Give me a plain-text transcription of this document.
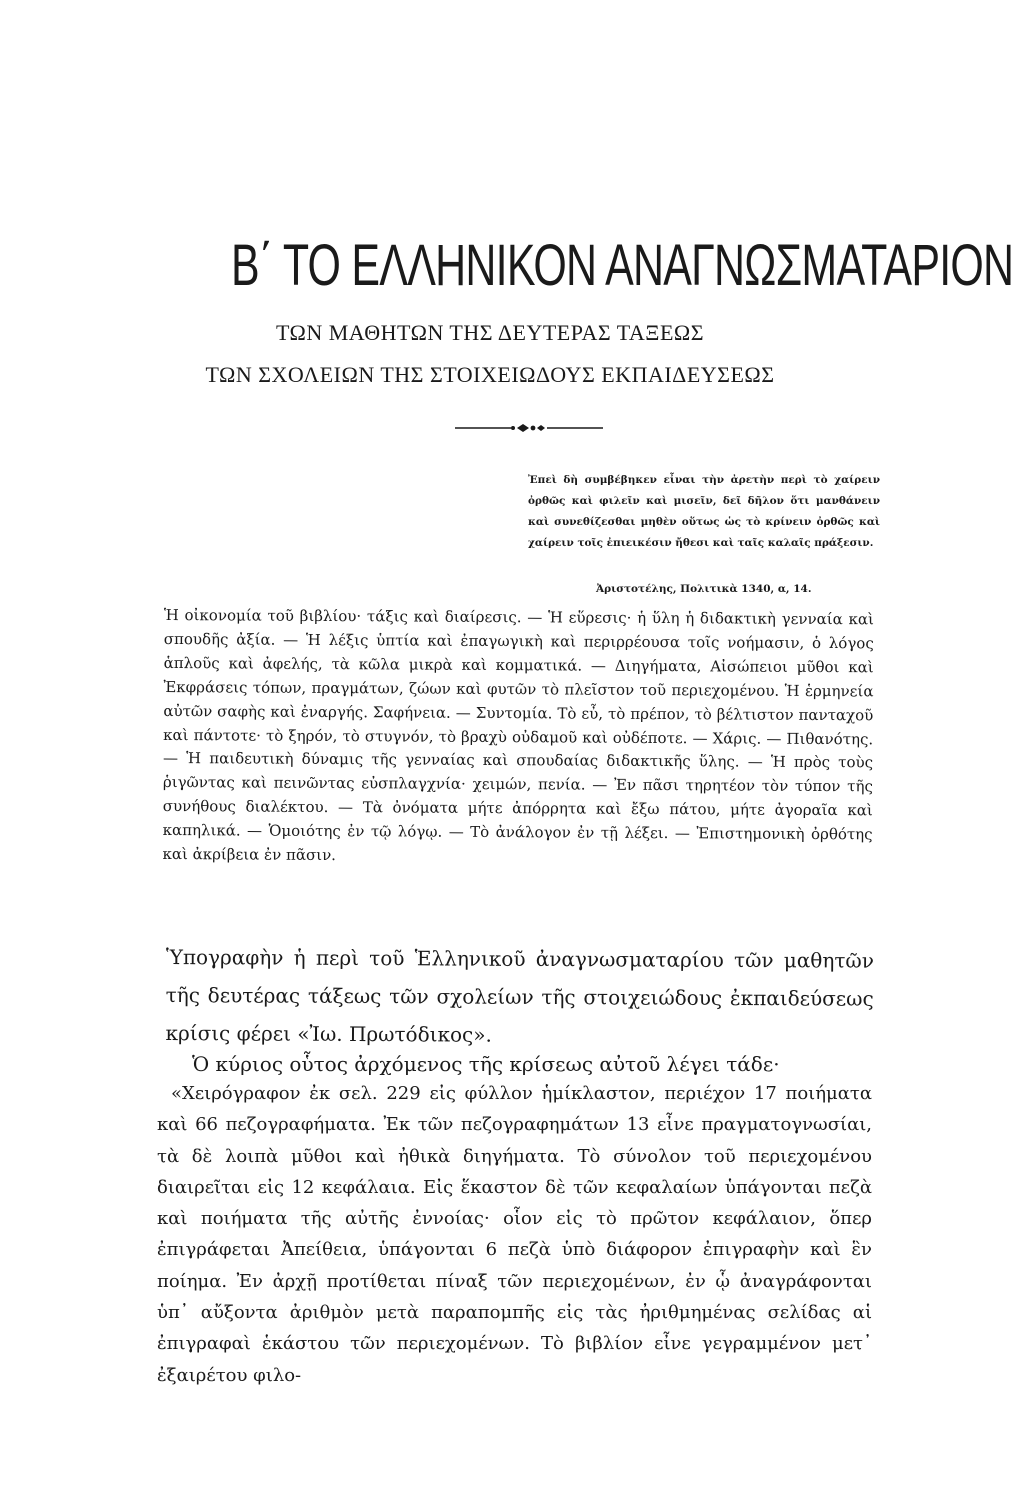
Β΄ ΤΟ ΕΛΛΗΝΙΚΟΝ ΑΝΑΓΝΩΣΜΑΤΑΡΙΟΝ

ΤΩΝ ΜΑΘΗΤΩΝ ΤΗΣ ΔΕΥΤΕΡΑΣ ΤΑΞΕΩΣ

ΤΩΝ ΣΧΟΛΕΙΩΝ ΤΗΣ ΣΤΟΙΧΕΙΩΔΟΥΣ ΕΚΠΑΙΔΕΥΣΕΩΣ

Ἐπεὶ δὴ συμβέβηκεν εἶναι τὴν ἀρετὴν περὶ τὸ χαίρειν ὀρθῶς καὶ φιλεῖν καὶ μισεῖν, δεῖ δῆλον ὅτι μανθάνειν καὶ συνεθίζεσθαι μηθὲν οὕτως ὡς τὸ κρίνειν ὀρθῶς καὶ χαίρειν τοῖς ἐπιεικέσιν ἤθεσι καὶ ταῖς καλαῖς πράξεσιν.

Ἀριστοτέλης, Πολιτικὰ 1340, α, 14.

Ἡ οἰκονομία τοῦ βιβλίου· τάξις καὶ διαίρεσις. — Ἡ εὕρεσις· ἡ ὕλη ἡ διδακτικὴ γενναία καὶ σπουδῆς ἀξία. — Ἡ λέξις ὑπτία καὶ ἐπαγωγικὴ καὶ περιρρέουσα τοῖς νοήμασιν, ὁ λόγος ἁπλοῦς καὶ ἀφελής, τὰ κῶλα μικρὰ καὶ κομματικά. — Διηγήματα, Αἰσώπειοι μῦθοι καὶ Ἐκφράσεις τόπων, πραγμάτων, ζώων καὶ φυτῶν τὸ πλεῖστον τοῦ περιεχομένου. Ἡ ἑρμηνεία αὐτῶν σαφὴς καὶ ἐναργής. Σαφήνεια. — Συντομία. Τὸ εὖ, τὸ πρέπον, τὸ βέλτιστον πανταχοῦ καὶ πάντοτε· τὸ ξηρόν, τὸ στυγνόν, τὸ βραχὺ οὐδαμοῦ καὶ οὐδέποτε. — Χάρις. — Πιθανότης. — Ἡ παιδευτικὴ δύναμις τῆς γενναίας καὶ σπουδαίας διδακτικῆς ὕλης. — Ἡ πρὸς τοὺς ῥιγῶντας καὶ πεινῶντας εὐσπλαγχνία· χειμών, πενία. — Ἐν πᾶσι τηρητέον τὸν τύπον τῆς συνήθους διαλέκτου. — Τὰ ὀνόματα μήτε ἀπόρρητα καὶ ἔξω πάτου, μήτε ἀγοραῖα καὶ καπηλικά. — Ὁμοιότης ἐν τῷ λόγῳ. — Τὸ ἀνάλογον ἐν τῇ λέξει. — Ἐπιστημονικὴ ὀρθότης καὶ ἀκρίβεια ἐν πᾶσιν.

Ὑπογραφὴν ἡ περὶ τοῦ Ἑλληνικοῦ ἀναγνωσματαρίου τῶν μαθητῶν τῆς δευτέρας τάξεως τῶν σχολείων τῆς στοιχειώδους ἐκπαιδεύσεως κρίσις φέρει «Ἰω. Πρωτόδικος».

Ὁ κύριος οὗτος ἀρχόμενος τῆς κρίσεως αὐτοῦ λέγει τάδε·

«Χειρόγραφον ἐκ σελ. 229 εἰς φύλλον ἡμίκλαστον, περιέχον 17 ποιήματα καὶ 66 πεζογραφήματα. Ἐκ τῶν πεζογραφημάτων 13 εἶνε πραγματογνωσίαι, τὰ δὲ λοιπὰ μῦθοι καὶ ἠθικὰ διηγήματα. Τὸ σύνολον τοῦ περιεχομένου διαιρεῖται εἰς 12 κεφάλαια. Εἰς ἕκαστον δὲ τῶν κεφαλαίων ὑπάγονται πεζὰ καὶ ποιήματα τῆς αὐτῆς ἐννοίας· οἷον εἰς τὸ πρῶτον κεφάλαιον, ὅπερ ἐπιγράφεται Ἀπείθεια, ὑπάγονται 6 πεζὰ ὑπὸ διάφορον ἐπιγραφὴν καὶ ἓν ποίημα. Ἐν ἀρχῇ προτίθεται πίναξ τῶν περιεχομένων, ἐν ᾧ ἀναγράφονται ὑπ᾽ αὔξοντα ἀριθμὸν μετὰ παραπομπῆς εἰς τὰς ἠριθμημένας σελίδας αἱ ἐπιγραφαὶ ἑκάστου τῶν περιεχομένων. Τὸ βιβλίον εἶνε γεγραμμένον μετ᾽ ἐξαιρέτου φιλο-
